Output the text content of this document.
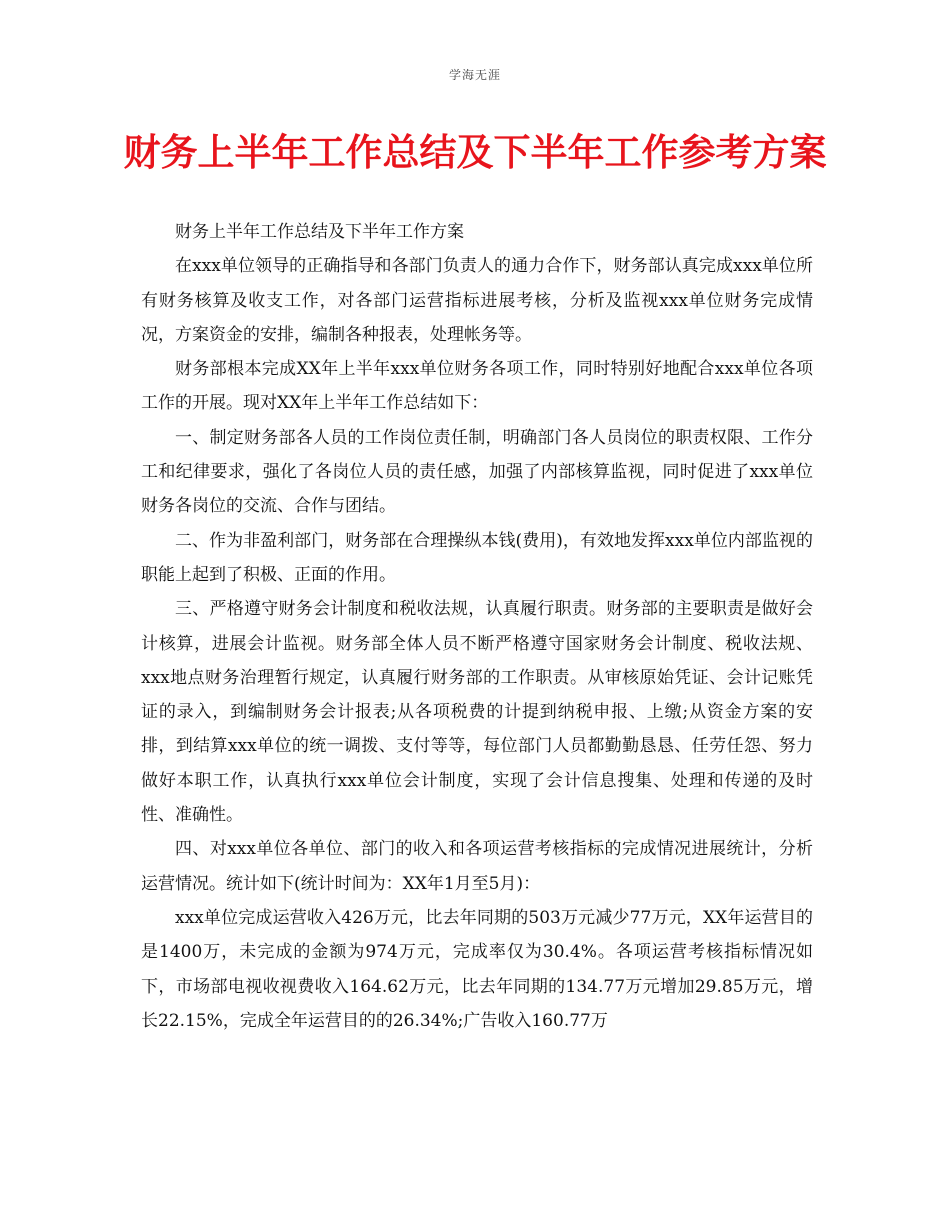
学海无涯
财务上半年工作总结及下半年工作参考方案

财务上半年工作总结及下半年工作方案

在xxx单位领导的正确指导和各部门负责人的通力合作下，财务部认真完成xxx单位所有财务核算及收支工作，对各部门运营指标进展考核，分析及监视xxx单位财务完成情况，方案资金的安排，编制各种报表，处理帐务等。

财务部根本完成XX年上半年xxx单位财务各项工作，同时特别好地配合xxx单位各项工作的开展。现对XX年上半年工作总结如下：

一、制定财务部各人员的工作岗位责任制，明确部门各人员岗位的职责权限、工作分工和纪律要求，强化了各岗位人员的责任感，加强了内部核算监视，同时促进了xxx单位财务各岗位的交流、合作与团结。

二、作为非盈利部门，财务部在合理操纵本钱(费用)，有效地发挥xxx单位内部监视的职能上起到了积极、正面的作用。

三、严格遵守财务会计制度和税收法规，认真履行职责。财务部的主要职责是做好会计核算，进展会计监视。财务部全体人员不断严格遵守国家财务会计制度、税收法规、xxx地点财务治理暂行规定，认真履行财务部的工作职责。从审核原始凭证、会计记账凭证的录入，到编制财务会计报表;从各项税费的计提到纳税申报、上缴;从资金方案的安排，到结算xxx单位的统一调拨、支付等等，每位部门人员都勤勤恳恳、任劳任怨、努力做好本职工作，认真执行xxx单位会计制度，实现了会计信息搜集、处理和传递的及时性、准确性。

四、对xxx单位各单位、部门的收入和各项运营考核指标的完成情况进展统计，分析运营情况。统计如下(统计时间为：XX年1月至5月)：

xxx单位完成运营收入426万元，比去年同期的503万元减少77万元，XX年运营目的是1400万，未完成的金额为974万元，完成率仅为30.4%。各项运营考核指标情况如下，市场部电视收视费收入164.62万元，比去年同期的134.77万元增加29.85万元，增长22.15%，完成全年运营目的的26.34%;广告收入160.77万
